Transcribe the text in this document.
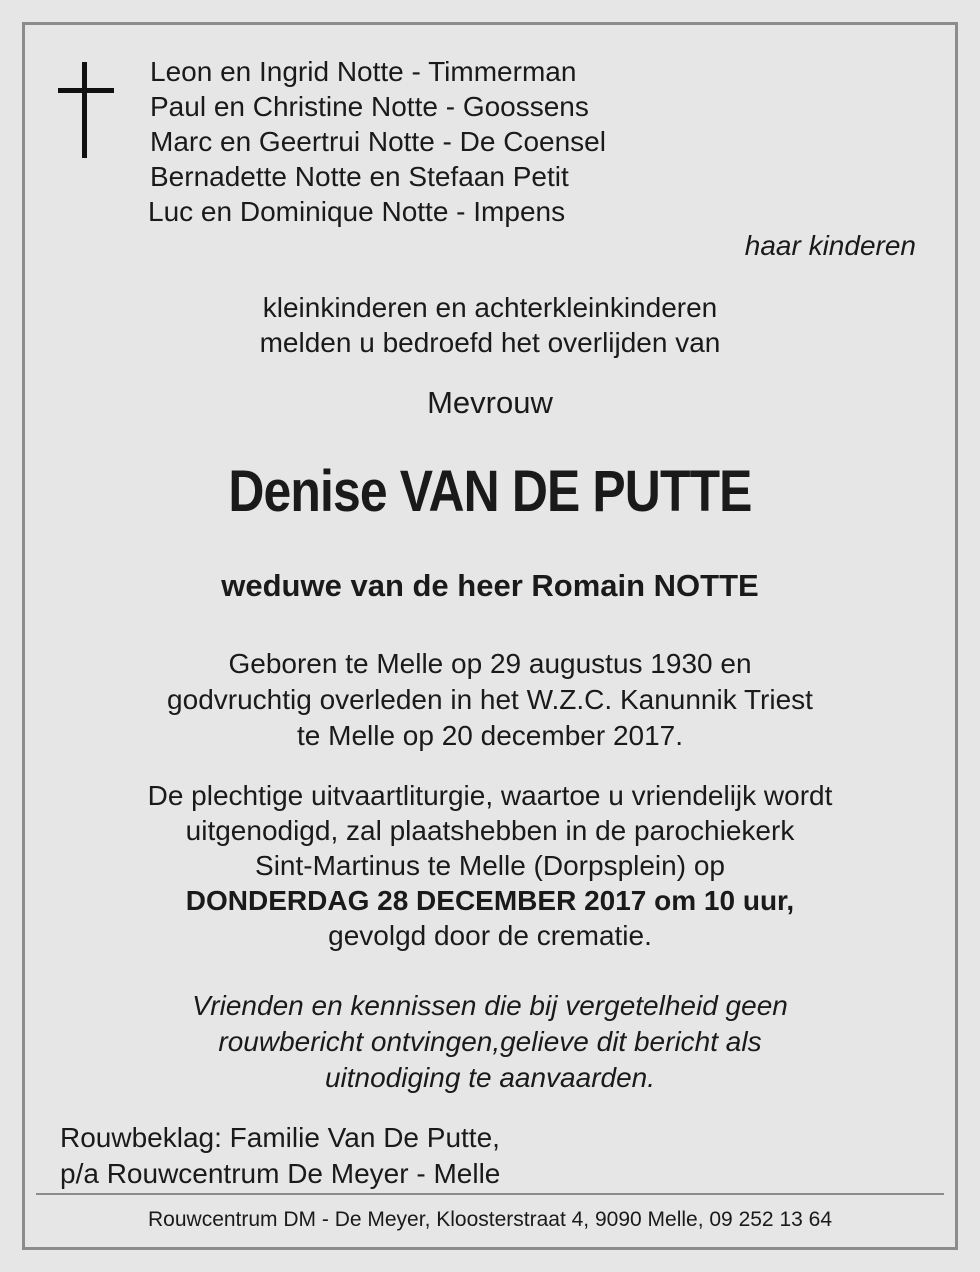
Leon en Ingrid Notte - Timmerman
Paul en Christine Notte - Goossens
Marc en Geertrui Notte - De Coensel
Bernadette Notte en Stefaan Petit
Luc en Dominique Notte - Impens
haar kinderen
kleinkinderen en achterkleinkinderen
melden u bedroefd het overlijden van
Mevrouw
Denise VAN DE PUTTE
weduwe van de heer Romain NOTTE
Geboren te Melle op 29 augustus 1930 en
godvruchtig overleden in het W.Z.C. Kanunnik Triest
te Melle op 20 december 2017.
De plechtige uitvaartliturgie, waartoe u vriendelijk wordt
uitgenodigd, zal plaatshebben in de parochiekerk
Sint-Martinus te Melle (Dorpsplein) op
DONDERDAG 28 DECEMBER 2017 om 10 uur,
gevolgd door de crematie.
Vrienden en kennissen die bij vergetelheid geen
rouwbericht ontvingen,gelieve dit bericht als
uitnodiging te aanvaarden.
Rouwbeklag: Familie Van De Putte,
p/a Rouwcentrum De Meyer - Melle
Rouwcentrum DM - De Meyer, Kloosterstraat 4, 9090 Melle, 09 252 13 64
